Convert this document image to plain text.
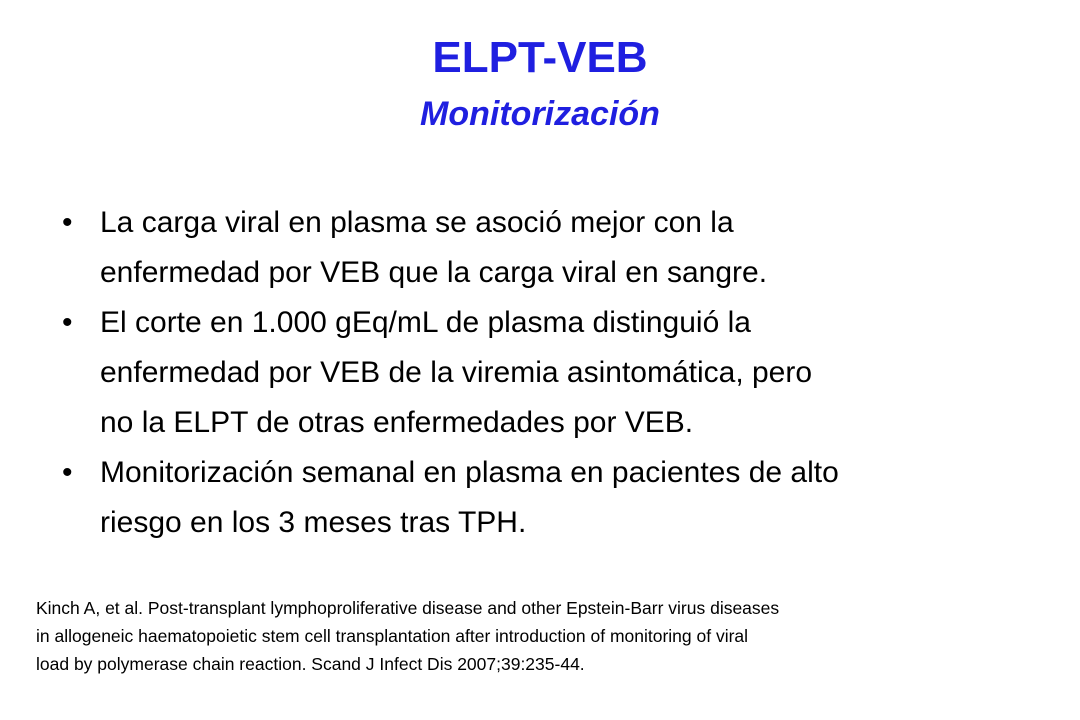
ELPT-VEB
Monitorización
• La carga viral en plasma se asoció mejor con la
enfermedad por VEB que la carga viral en sangre.
• El corte en 1.000 gEq/mL de plasma distinguió la
enfermedad por VEB de la viremia asintomática, pero
no la ELPT de otras enfermedades por VEB.
• Monitorización semanal en plasma en pacientes de alto
riesgo en los 3 meses tras TPH.
Kinch A, et al. Post-transplant lymphoproliferative disease and other Epstein-Barr virus diseases
in allogeneic haematopoietic stem cell transplantation after introduction of monitoring of viral
load by polymerase chain reaction. Scand J Infect Dis 2007;39:235-44.
